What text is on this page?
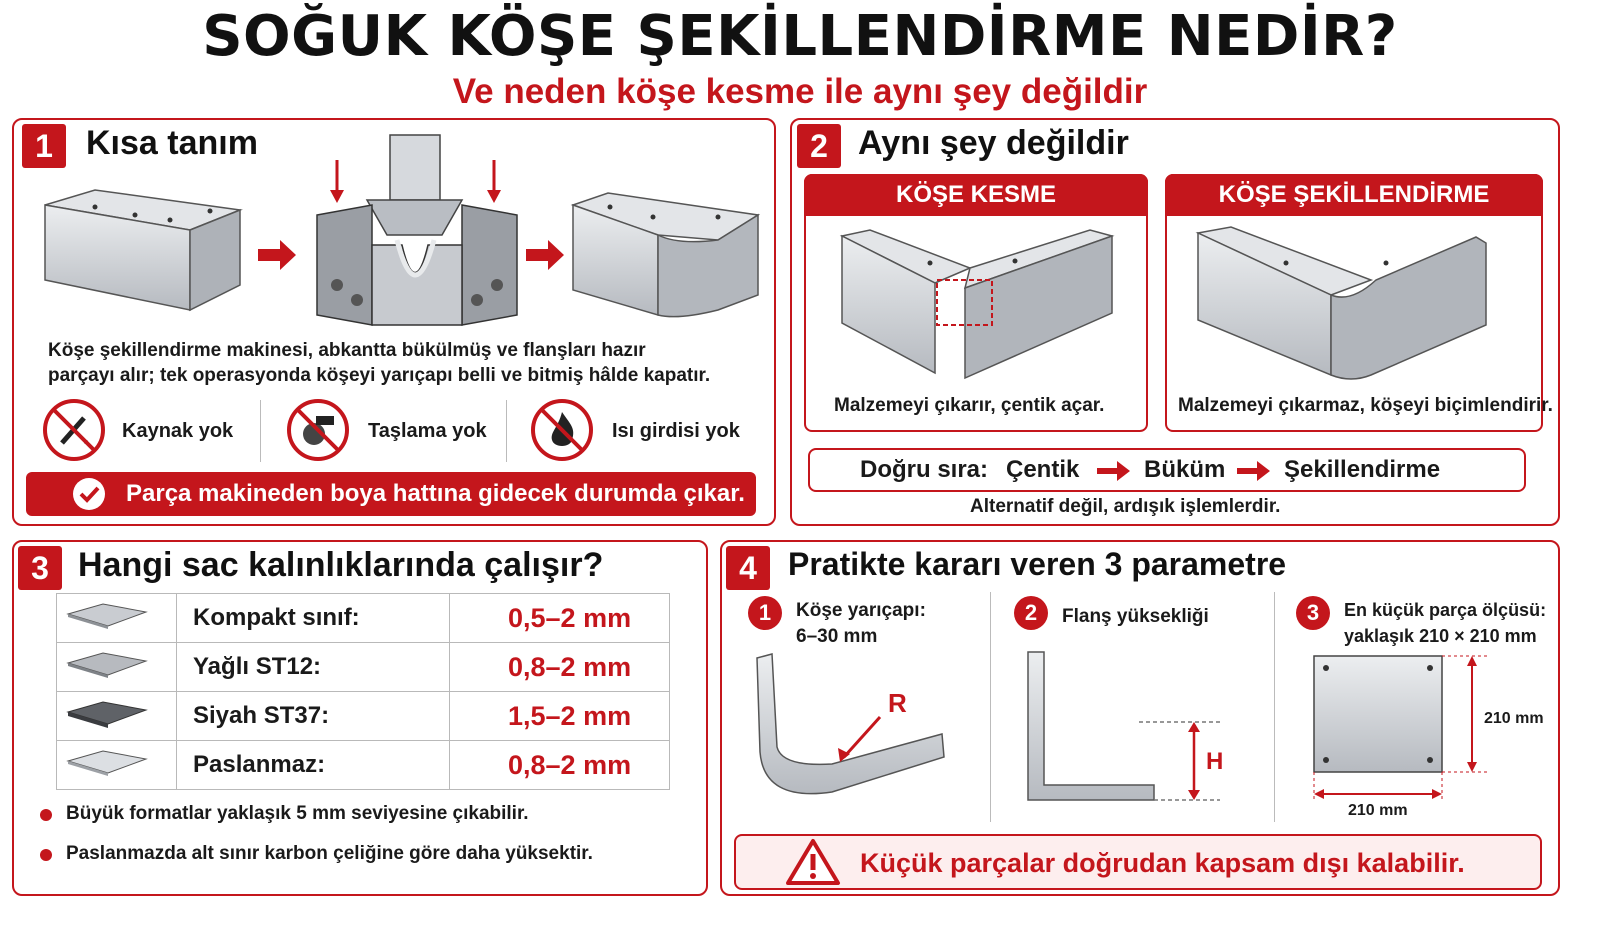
SOĞUK KÖŞE ŞEKİLLENDİRME NEDİR?
Ve neden köşe kesme ile aynı şey değildir
1 Kısa tanım
Köşe şekillendirme makinesi, abkantta bükülmüş ve flanşları hazır
parçayı alır; tek operasyonda köşeyi yarıçapı belli ve bitmiş hâlde kapatır.
Kaynak yok	Taşlama yok	Isı girdisi yok
Parça makineden boya hattına gidecek durumda çıkar.
2 Aynı şey değildir
KÖŞE KESME
Malzemeyi çıkarır, çentik açar.
KÖŞE ŞEKİLLENDİRME
Malzemeyi çıkarmaz, köşeyi biçimlendirir.
Doğru sıra: Çentik	Büküm Şekillendirme
Alternatif değil, ardışık işlemlerdir.
3 Hangi sac kalınlıklarında çalışır?
	Kompakt sınıf:	0,5–2 mm
	Yağlı ST12:	0,8–2 mm
	Siyah ST37:	1,5–2 mm
	Paslanmaz:	0,8–2 mm
Büyük formatlar yaklaşık 5 mm seviyesine çıkabilir.
Paslanmazda alt sınır karbon çeliğine göre daha yüksektir.
4 Pratikte kararı veren 3 parametre
1	Köşe yarıçapı:
6–30 mm
R
2	Flanş yüksekliği
H
3	En küçük parça ölçüsü:
yaklaşık 210 × 210 mm
210 mm
210 mm
Küçük parçalar doğrudan kapsam dışı kalabilir.
